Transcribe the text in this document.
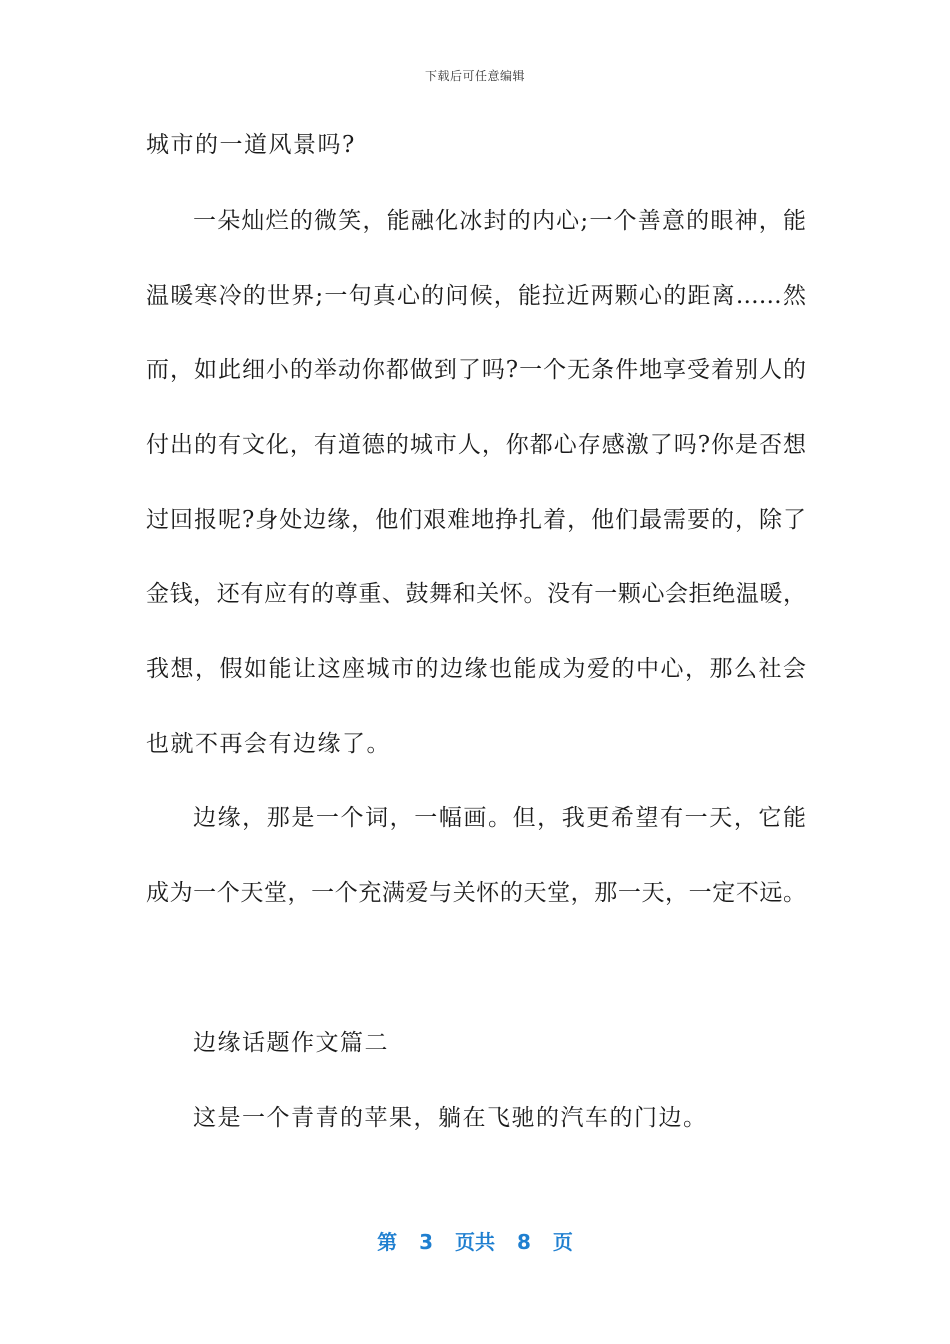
下载后可任意编辑
城市的一道风景吗?
一朵灿烂的微笑，能融化冰封的内心;一个善意的眼神，能
温暖寒冷的世界;一句真心的问候，能拉近两颗心的距离……然
而，如此细小的举动你都做到了吗?一个无条件地享受着别人的
付出的有文化，有道德的城市人，你都心存感激了吗?你是否想
过回报呢?身处边缘，他们艰难地挣扎着，他们最需要的，除了
金钱，还有应有的尊重、鼓舞和关怀。没有一颗心会拒绝温暖，
我想，假如能让这座城市的边缘也能成为爱的中心，那么社会
也就不再会有边缘了。
边缘，那是一个词，一幅画。但，我更希望有一天，它能
成为一个天堂，一个充满爱与关怀的天堂，那一天，一定不远。
边缘话题作文篇二
这是一个青青的苹果，躺在飞驰的汽车的门边。
第 3 页共 8 页
